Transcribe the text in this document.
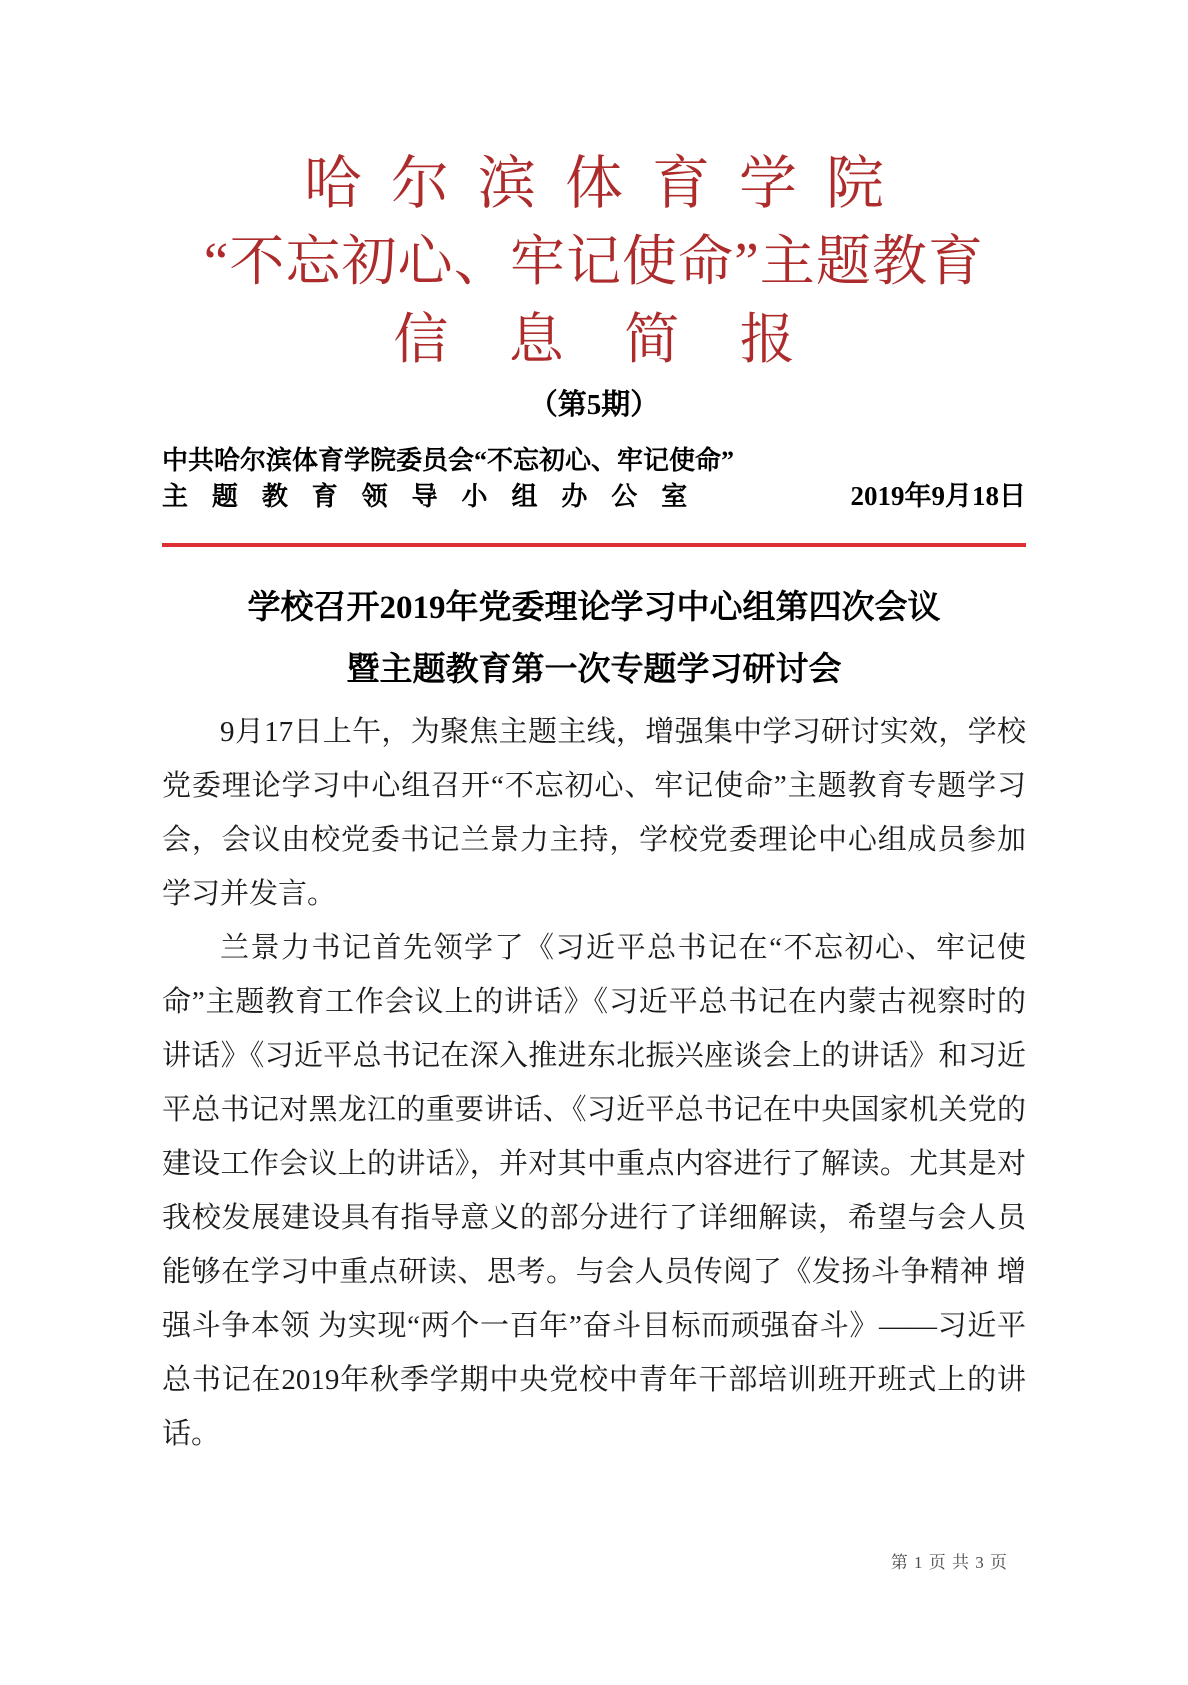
哈尔滨体育学院
“不忘初心、牢记使命”主题教育
信息简报
（第5期）
中共哈尔滨体育学院委员会“不忘初心、牢记使命”
主题教育领导小组办公室	2019年9月18日
学校召开2019年党委理论学习中心组第四次会议
暨主题教育第一次专题学习研讨会

9月17日上午，为聚焦主题主线，增强集中学习研讨实效，学校党委理论学习中心组召开“不忘初心、牢记使命”主题教育专题学习会，会议由校党委书记兰景力主持，学校党委理论中心组成员参加学习并发言。

兰景力书记首先领学了《习近平总书记在“不忘初心、牢记使命”主题教育工作会议上的讲话》《习近平总书记在内蒙古视察时的讲话》《习近平总书记在深入推进东北振兴座谈会上的讲话》和习近平总书记对黑龙江的重要讲话、《习近平总书记在中央国家机关党的建设工作会议上的讲话》，并对其中重点内容进行了解读。尤其是对我校发展建设具有指导意义的部分进行了详细解读，希望与会人员能够在学习中重点研读、思考。与会人员传阅了《发扬斗争精神 增强斗争本领 为实现“两个一百年”奋斗目标而顽强奋斗》——习近平总书记在2019年秋季学期中央党校中青年干部培训班开班式上的讲话。

第 1 页 共 3 页
